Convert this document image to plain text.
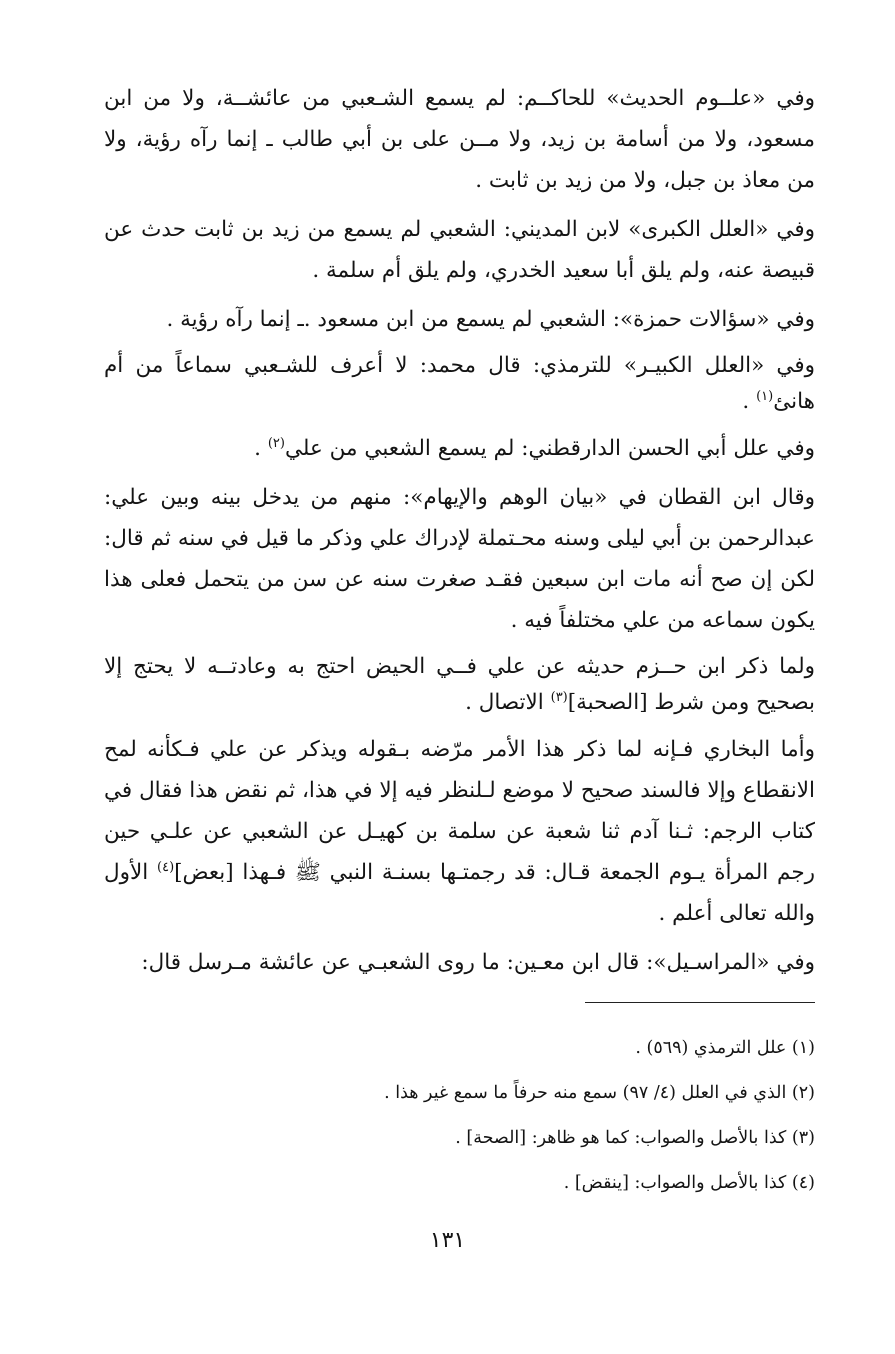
وفي «علــوم الحديث» للحاكــم: لم يسمع الشـعبي من عائشــة، ولا من ابن مسعود، ولا من أسامة بن زيد، ولا مــن على بن أبي طالب ـ إنما رآه رؤية، ولا من معاذ بن جبل، ولا من زيد بن ثابت .

وفي «العلل الكبرى» لابن المديني: الشعبي لم يسمع من زيد بن ثابت حدث عن قبيصة عنه، ولم يلق أبا سعيد الخدري، ولم يلق أم سلمة .

وفي «سؤالات حمزة»: الشعبي لم يسمع من ابن مسعود .ـ إنما رآه رؤية .

وفي «العلل الكبيـر» للترمذي: قال محمد: لا أعرف للشـعبي سماعاً من أم هانئ$^{(١)}$ .

وفي علل أبي الحسن الدارقطني: لم يسمع الشعبي من علي$^{(٢)}$ .

وقال ابن القطان في «بيان الوهم والإيهام»: منهم من يدخل بينه وبين علي: عبدالرحمن بن أبي ليلى وسنه محـتملة لإدراك علي وذكر ما قيل في سنه ثم قال: لكن إن صح أنه مات ابن سبعين فقـد صغرت سنه عن سن من يتحمل فعلى هذا يكون سماعه من علي مختلفاً فيه .

ولما ذكر ابن حــزم حديثه عن علي فــي الحيض احتج به وعادتــه لا يحتج إلا بصحيح ومن شرط [الصحبة]$^{(٣)}$ الاتصال .

وأما البخاري فـإنه لما ذكر هذا الأمر مرّضه بـقوله ويذكر عن علي فـكأنه لمح الانقطاع وإلا فالسند صحيح لا موضع لـلنظر فيه إلا في هذا، ثم نقض هذا فقال في كتاب الرجم: ثـنا آدم ثنا شعبة عن سلمة بن كهيـل عن الشعبي عن علـي حين رجم المرأة يـوم الجمعة قـال: قد رجمتـها بسنـة النبي ﷺ فـهذا [بعض]$^{(٤)}$ الأول والله تعالى أعلم .

وفي «المراسـيل»: قال ابن معـين: ما روى الشعبـي عن عائشة مـرسل قال:

(١) علل الترمذي (٥٦٩) .
(٢) الذي في العلل (٤/ ٩٧) سمع منه حرفاً ما سمع غير هذا .
(٣) كذا بالأصل والصواب: كما هو ظاهر: [الصحة] .
(٤) كذا بالأصل والصواب: [ينقض] .
١٣١
